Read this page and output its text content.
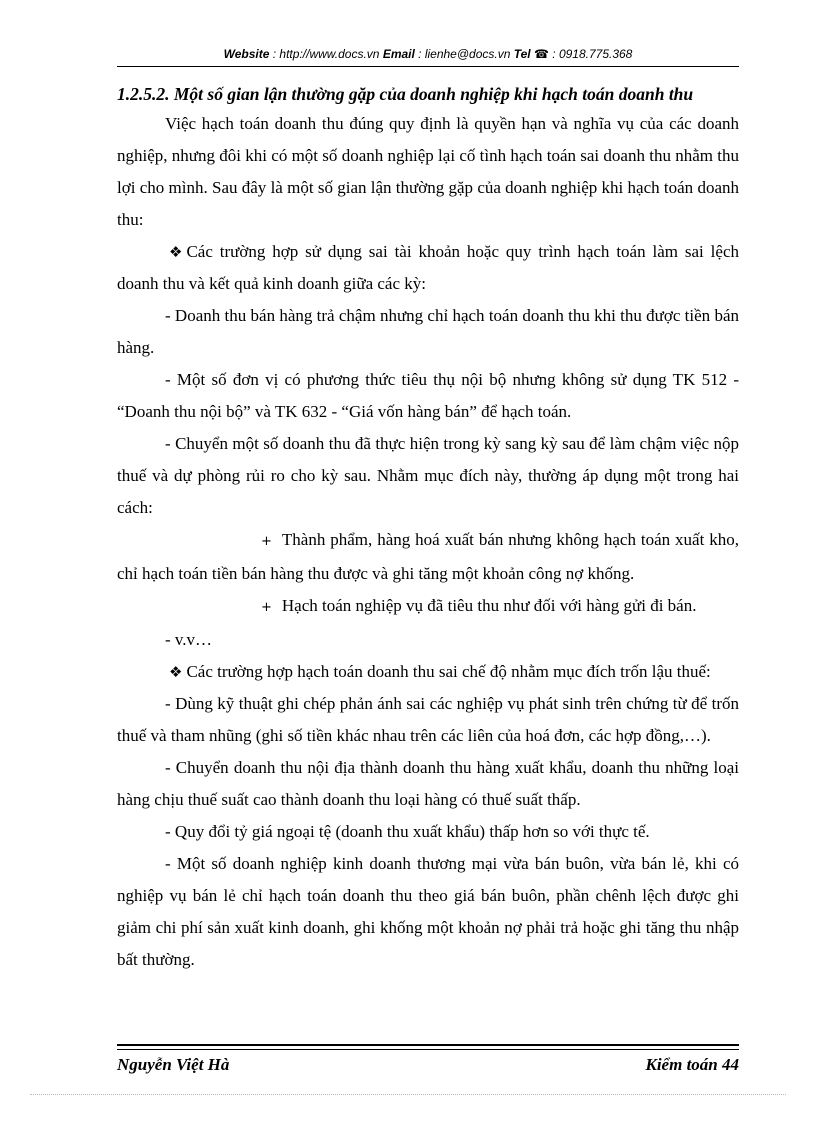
Website : http://www.docs.vn Email : lienhe@docs.vn Tel ☎ : 0918.775.368
1.2.5.2. Một số gian lận thường gặp của doanh nghiệp khi hạch toán doanh thu

Việc hạch toán doanh thu đúng quy định là quyền hạn và nghĩa vụ của các doanh nghiệp, nhưng đôi khi có một số doanh nghiệp lại cố tình hạch toán sai doanh thu nhằm thu lợi cho mình. Sau đây là một số gian lận thường gặp của doanh nghiệp khi hạch toán doanh thu:

❖ Các trường hợp sử dụng sai tài khoản hoặc quy trình hạch toán làm sai lệch doanh thu và kết quả kinh doanh giữa các kỳ:

- Doanh thu bán hàng trả chậm nhưng chỉ hạch toán doanh thu khi thu được tiền bán hàng.

- Một số đơn vị có phương thức tiêu thụ nội bộ nhưng không sử dụng TK 512 - “Doanh thu nội bộ” và TK 632 - “Giá vốn hàng bán” để hạch toán.

- Chuyển một số doanh thu đã thực hiện trong kỳ sang kỳ sau để làm chậm việc nộp thuế và dự phòng rủi ro cho kỳ sau. Nhằm mục đích này, thường áp dụng một trong hai cách:

+ Thành phẩm, hàng hoá xuất bán nhưng không hạch toán xuất kho, chỉ hạch toán tiền bán hàng thu được và ghi tăng một khoản công nợ khống.

+ Hạch toán nghiệp vụ đã tiêu thu như đối với hàng gửi đi bán.

- v.v…

❖ Các trường hợp hạch toán doanh thu sai chế độ nhằm mục đích trốn lậu thuế:

- Dùng kỹ thuật ghi chép phản ánh sai các nghiệp vụ phát sinh trên chứng từ để trốn thuế và tham nhũng (ghi số tiền khác nhau trên các liên của hoá đơn, các hợp đồng,…).

- Chuyển doanh thu nội địa thành doanh thu hàng xuất khẩu, doanh thu những loại hàng chịu thuế suất cao thành doanh thu loại hàng có thuế suất thấp.

- Quy đổi tỷ giá ngoại tệ (doanh thu xuất khẩu) thấp hơn so với thực tế.

- Một số doanh nghiệp kinh doanh thương mại vừa bán buôn, vừa bán lẻ, khi có nghiệp vụ bán lẻ chỉ hạch toán doanh thu theo giá bán buôn, phần chênh lệch được ghi giảm chi phí sản xuất kinh doanh, ghi khống một khoản nợ phải trả hoặc ghi tăng thu nhập bất thường.

Nguyễn Việt Hà	Kiểm toán 44
